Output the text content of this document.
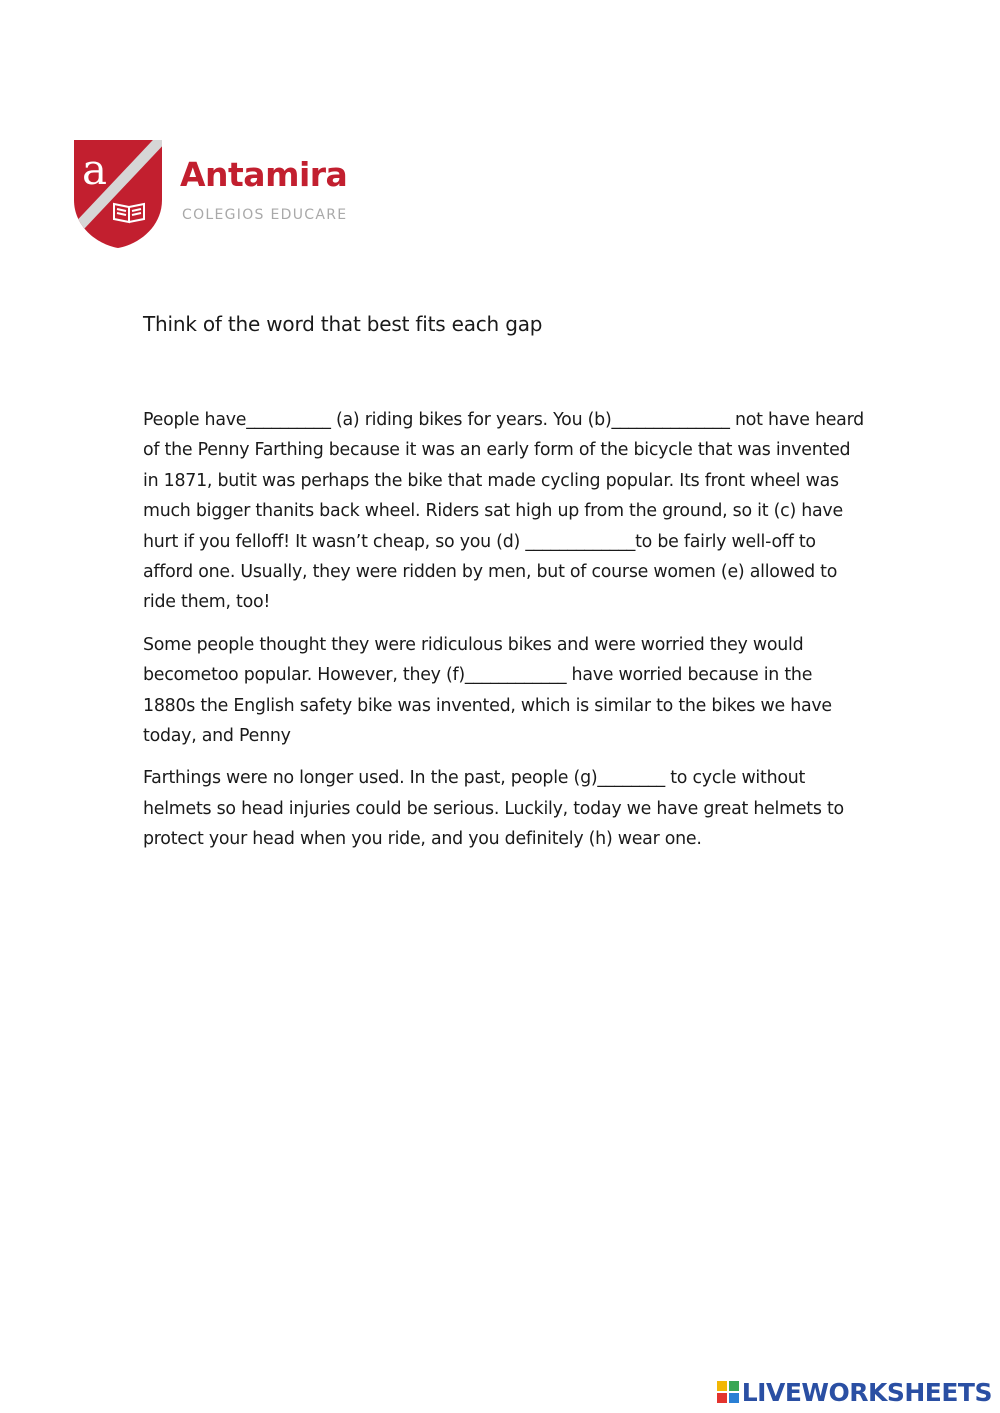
a Antamira
COLEGIOS EDUCARE
Think of the word that best fits each gap

People have__________ (a) riding bikes for years. You (b)______________ not have heard of the Penny Farthing because it was an early form of the bicycle that was invented in 1871, butit was perhaps the bike that made cycling popular. Its front wheel was much bigger thanits back wheel. Riders sat high up from the ground, so it (c) have hurt if you felloff! It wasn’t cheap, so you (d) _____________to be fairly well-off to afford one. Usually, they were ridden by men, but of course women (e) allowed to ride them, too!

Some people thought they were ridiculous bikes and were worried they would becometoo popular. However, they (f)____________ have worried because in the 1880s the English safety bike was invented, which is similar to the bikes we have today, and Penny

Farthings were no longer used. In the past, people (g)________ to cycle without helmets so head injuries could be serious. Luckily, today we have great helmets to protect your head when you ride, and you definitely (h) wear one.

LIVEWORKSHEETS
